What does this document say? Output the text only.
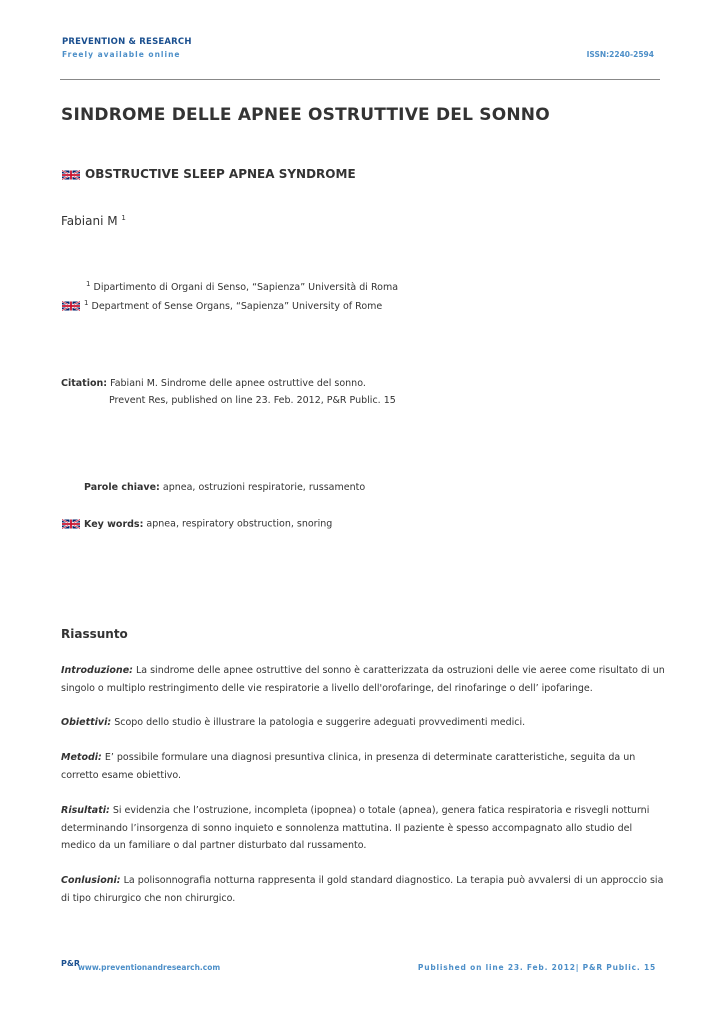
PREVENTION & RESEARCH
Freely available online	ISSN:2240-2594
SINDROME DELLE APNEE OSTRUTTIVE DEL SONNO
OBSTRUCTIVE SLEEP APNEA SYNDROME
Fabiani M $^1$
$^1$ Dipartimento di Organi di Senso, “Sapienza” Università di Roma
$^1$ Department of Sense Organs, “Sapienza” University of Rome
Citation: Fabiani M. Sindrome delle apnee ostruttive del sonno.
Prevent Res, published on line 23. Feb. 2012, P&R Public. 15
Parole chiave: apnea, ostruzioni respiratorie, russamento
Key words: apnea, respiratory obstruction, snoring
Riassunto
Introduzione: La sindrome delle apnee ostruttive del sonno è caratterizzata da ostruzioni delle vie aeree come risultato di un singolo o multiplo restringimento delle vie respiratorie a livello dell'orofaringe, del rinofaringe o dell’ ipofaringe.
Obiettivi: Scopo dello studio è illustrare la patologia e suggerire adeguati provvedimenti medici.
Metodi: E’ possibile formulare una diagnosi presuntiva clinica, in presenza di determinate caratteristiche, seguita da un corretto esame obiettivo.
Risultati: Si evidenzia che l’ostruzione, incompleta (ipopnea) o totale (apnea), genera fatica respiratoria e risvegli notturni determinando l’insorgenza di sonno inquieto e sonnolenza mattutina. Il paziente è spesso accompagnato allo studio del medico da un familiare o dal partner disturbato dal russamento.
Conlusioni: La polisonnografia notturna rappresenta il gold standard diagnostico. La terapia può avvalersi di un approccio sia di tipo chirurgico che non chirurgico.
P&R
www.preventionandresearch.com	Published on line 23. Feb. 2012| P&R Public. 15
